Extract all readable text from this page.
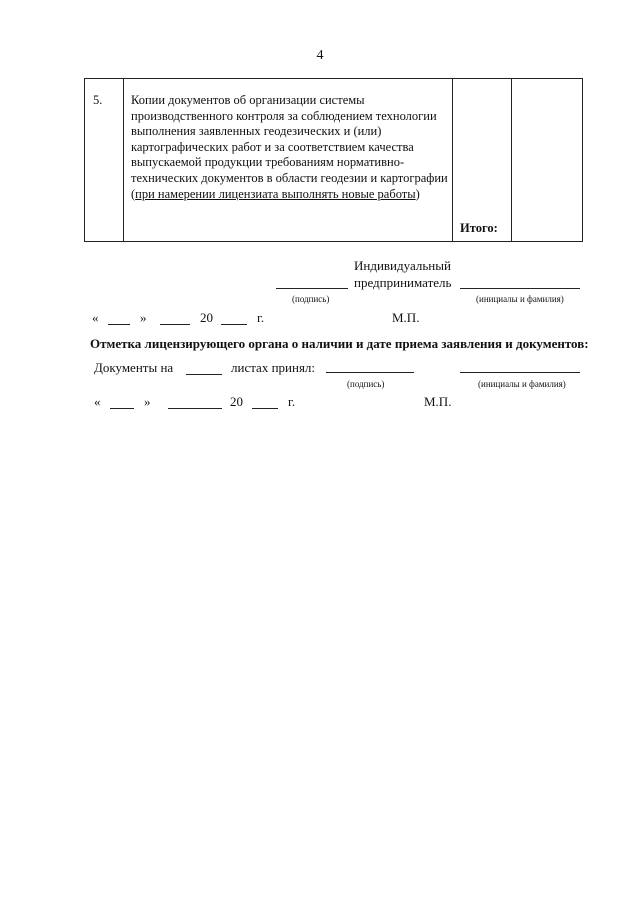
4
5. Копии документов об организации системы производственного контроля за соблюдением технологии выполнения заявленных геодезических и (или) картографических работ и за соответствием качества выпускаемой продукции требованиям нормативно-технических документов в области геодезии и картографии (при намерении лицензиата выполнять новые работы)
Итого:
Индивидуальный
предприниматель
(подпись)	(инициалы и фамилия)
«	»	20	г.	М.П.
Отметка лицензирующего органа о наличии и дате приема заявления и документов:
Документы на	листах принял:
(подпись)	(инициалы и фамилия)
«	»	20	г.	М.П.
